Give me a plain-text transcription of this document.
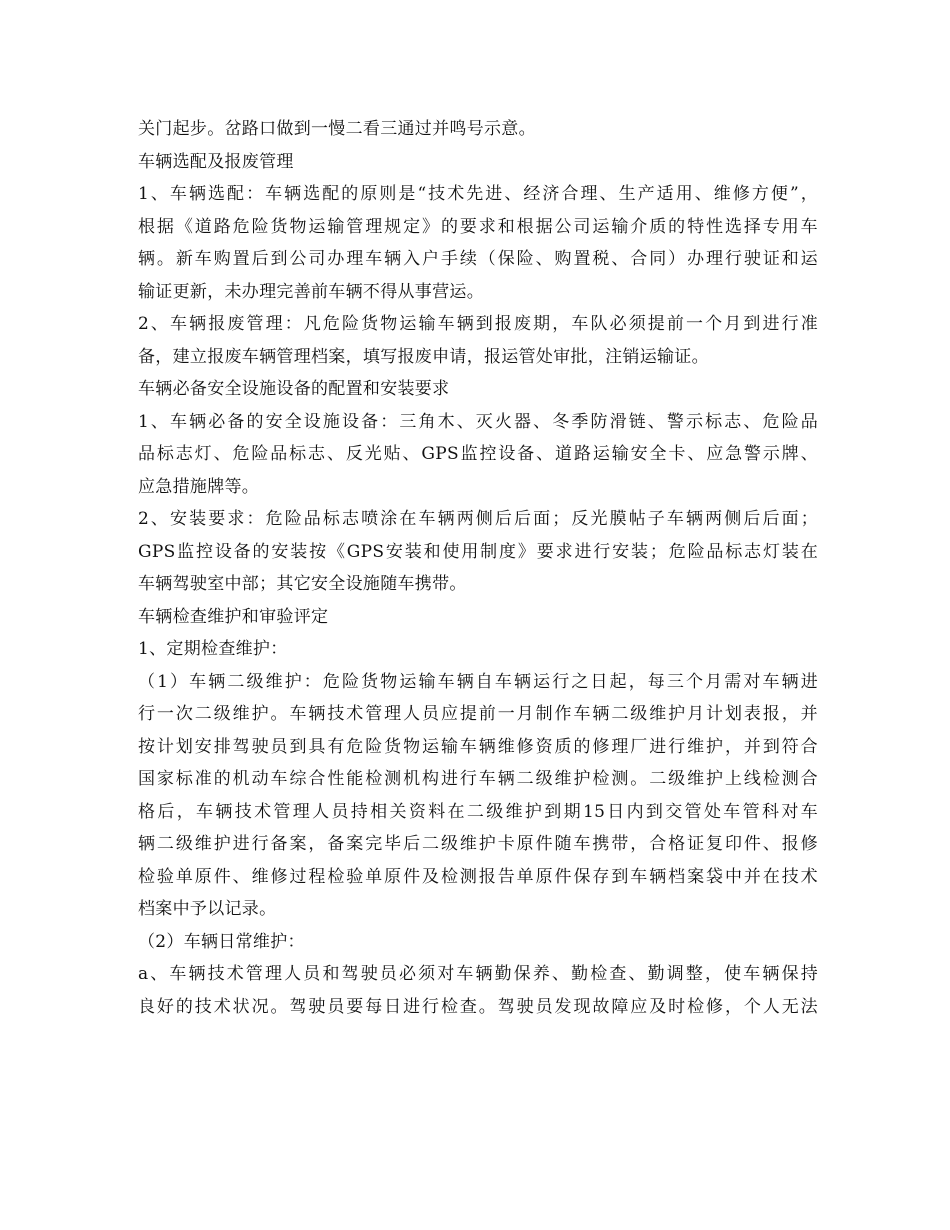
关门起步。岔路口做到一慢二看三通过并鸣号示意。
车辆选配及报废管理
1、车辆选配：车辆选配的原则是“技术先进、经济合理、生产适用、维修方便”，
根据《道路危险货物运输管理规定》的要求和根据公司运输介质的特性选择专用车
辆。新车购置后到公司办理车辆入户手续（保险、购置税、合同）办理行驶证和运
输证更新，未办理完善前车辆不得从事营运。
2、车辆报废管理：凡危险货物运输车辆到报废期，车队必须提前一个月到进行准
备，建立报废车辆管理档案，填写报废申请，报运管处审批，注销运输证。
车辆必备安全设施设备的配置和安装要求
1、车辆必备的安全设施设备：三角木、灭火器、冬季防滑链、警示标志、危险品
品标志灯、危险品标志、反光贴、GPS监控设备、道路运输安全卡、应急警示牌、
应急措施牌等。
2、安装要求：危险品标志喷涂在车辆两侧后后面；反光膜帖子车辆两侧后后面；
GPS监控设备的安装按《GPS安装和使用制度》要求进行安装；危险品标志灯装在
车辆驾驶室中部；其它安全设施随车携带。
车辆检查维护和审验评定
1、定期检查维护：
（1）车辆二级维护：危险货物运输车辆自车辆运行之日起，每三个月需对车辆进
行一次二级维护。车辆技术管理人员应提前一月制作车辆二级维护月计划表报，并
按计划安排驾驶员到具有危险货物运输车辆维修资质的修理厂进行维护，并到符合
国家标准的机动车综合性能检测机构进行车辆二级维护检测。二级维护上线检测合
格后，车辆技术管理人员持相关资料在二级维护到期15日内到交管处车管科对车
辆二级维护进行备案，备案完毕后二级维护卡原件随车携带，合格证复印件、报修
检验单原件、维修过程检验单原件及检测报告单原件保存到车辆档案袋中并在技术
档案中予以记录。
（2）车辆日常维护：
a、车辆技术管理人员和驾驶员必须对车辆勤保养、勤检查、勤调整，使车辆保持
良好的技术状况。驾驶员要每日进行检查。驾驶员发现故障应及时检修，个人无法
